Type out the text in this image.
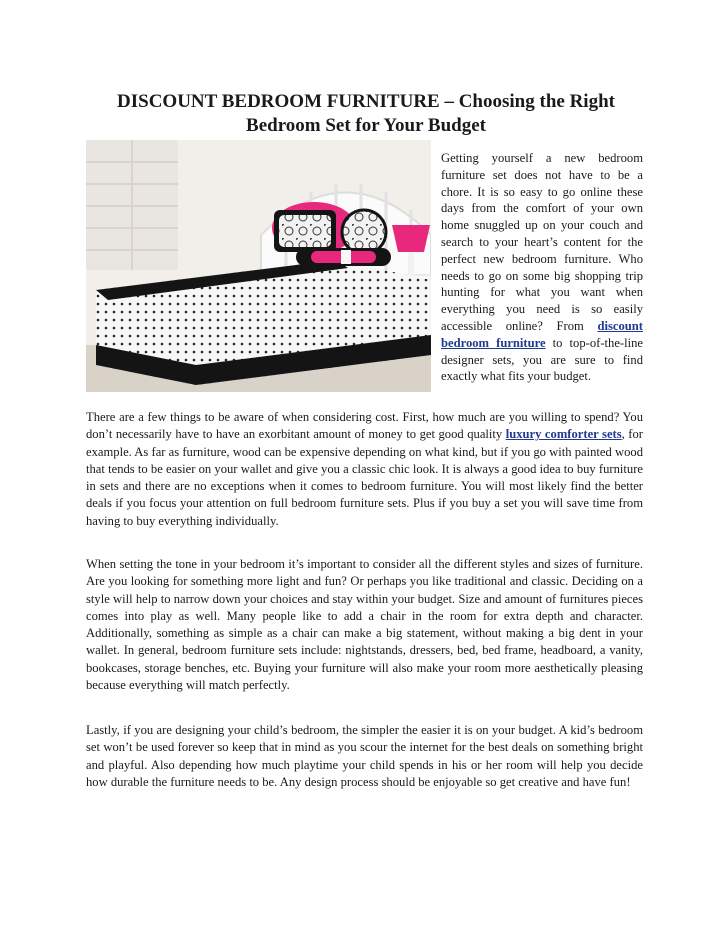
DISCOUNT BEDROOM FURNITURE – Choosing the Right Bedroom Set for Your Budget

Getting yourself a new bedroom furniture set does not have to be a chore. It is so easy to go online these days from the comfort of your own home snuggled up on your couch and search to your heart’s content for the perfect new bedroom furniture. Who needs to go on some big shopping trip hunting for what you want when everything you need is so easily accessible online? From discount bedroom furniture to top-of-the-line designer sets, you are sure to find exactly what fits your budget.

There are a few things to be aware of when considering cost. First, how much are you willing to spend? You don’t necessarily have to have an exorbitant amount of money to get good quality luxury comforter sets, for example. As far as furniture, wood can be expensive depending on what kind, but if you go with painted wood that tends to be easier on your wallet and give you a classic chic look. It is always a good idea to buy furniture in sets and there are no exceptions when it comes to bedroom furniture. You will most likely find the better deals if you focus your attention on full bedroom furniture sets. Plus if you buy a set you will save time from having to buy everything individually.

When setting the tone in your bedroom it’s important to consider all the different styles and sizes of furniture. Are you looking for something more light and fun? Or perhaps you like traditional and classic. Deciding on a style will help to narrow down your choices and stay within your budget. Size and amount of furnitures pieces comes into play as well. Many people like to add a chair in the room for extra depth and character. Additionally, something as simple as a chair can make a big statement, without making a big dent in your wallet. In general, bedroom furniture sets include: nightstands, dressers, bed, bed frame, headboard, a vanity, bookcases, storage benches, etc. Buying your furniture will also make your room more aesthetically pleasing because everything will match perfectly.

Lastly, if you are designing your child’s bedroom, the simpler the easier it is on your budget. A kid’s bedroom set won’t be used forever so keep that in mind as you scour the internet for the best deals on something bright and playful. Also depending how much playtime your child spends in his or her room will help you decide how durable the furniture needs to be. Any design process should be enjoyable so get creative and have fun!
